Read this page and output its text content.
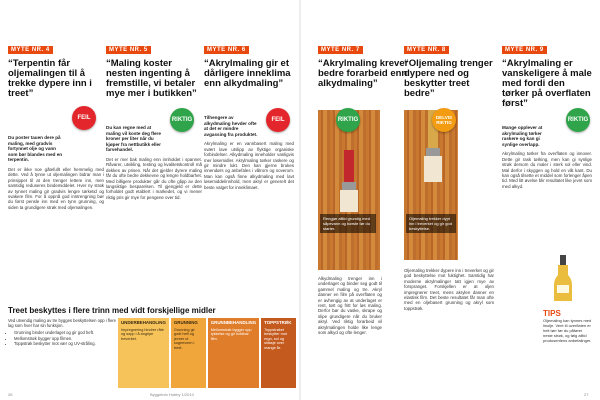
MYTE NR. 4
“Terpentin får oljemalingen til å trekke dypere inn i treet”
Du poster tauen dere på maling, med gradvis fortynnet olje og vann som bør blandes med en terpentin.
Det er ikke noe gåtefullt eller hemmelig med dette. Ved å tynne ut oljemalingen bidrar man i prinsippet til at den trenger lettere inn, men samtidig reduseres bindemiddelet. Hver ny strøk av tynnet maling gir gradvis lengre tørketid og svakere film. For å oppnå god inntrengning bør du først pensle inn med en tynn grunning, og siden ta grundigere strøk med oljemalingen.
FEIL
MYTE NR. 5
“Maling koster nesten ingenting å fremstille, vi betaler mye mer i butikken”
Du kan regne med at maling vil koste deg flere kroner per liter når du kjøper fra nettbutikk eller farvehandel.
Det er mer bak maling enn innholdet i spannet. Råvarer, utvikling, testing og kvalitetskontroll må dekkes av prisen. Når det gjelder dyrere maling får du ofte bedre dekkevne og lengre holdbarhet. Med billigere produkter går du ofte glipp av den langsiktige besparelsen. Til gjengjeld er dette forholdet godt etablert i markedet, og vi mener riktig pris gir mye for pengene over tid.
RIKTIG
MYTE NR. 6
“Akrylmaling gir et dårligere inneklima enn alkydmaling”
Tilhengere av alkydmaling hevder ofte at det er mindre avgassing fra produktet.
Akrylmaling er en vannbasert maling med svært lave utslipp av flyktige organiske forbindelser. Alkydmaling inneholder vanligvis mer løsemidler. Akrylmaling tørker raskere og gir mindre lukt. Den kan gjerne brukes innendørs og anbefales i våtrom og soverom. Man kan også finne alkydmaling med lavt løsemiddelinnhold, men akryl er generelt det beste valget for inneklimaet.
FEIL
Treet beskyttes i flere trinn med vidt forskjellige midler

Ved utvendig maling av tre bygges beskyttelsen opp i flere lag som hver har sin funksjon.

• Grunning binder underlaget og gir god heft.
• Mellomstrøk bygger opp filmen.
• Toppstrøk beskytter mot vær og UV-stråling.
UNDERBEHANDLING
Impregnering hindrer råte og sopp i å angripe treverket.
GRUNNING
Grunning gir godt heft og jevner ut sugeevnen i treet.
GRUNNBEHANDLING
Mellomstrøk bygger opp tykkelse og gir holdbar film.
TOPPSTRØK
Toppstrøket beskytter mot regn, sol og slitasje over mange år.
26	Byggeinfo Hobby 1/2010
Rengjør alltid grundig med såpevann og børste før du starter.
RIKTIG
MYTE NR. 7
“Akrylmaling krever bedre forarbeid enn alkydmaling”
Alkydmaling trenger inn i underlaget og binder seg godt til gammel maling og tre. Akryl danner en film på overflaten og er avhengig av at underlaget er rent, tørt og fritt for løs maling. Derfor bør du vaske, skrape og slipe grundigere når du bruker akryl. Ved riktig forarbeid vil akrylmalingen holde like lenge som alkyd og ofte lenger.
Oljemaling trekker dypt inn i treverket og gir god beskyttelse.
DELVIS RIKTIG
MYTE NR. 8
“Oljemaling trenger dypere ned og beskytter treet bedre”
Oljemaling trekker dypere inn i treverket og gir god beskyttelse mot fuktighet. Samtidig har moderne akrylmalinger tatt igjen mye av forspranget. Forskjellen er at oljen impregnerer treet, mens akrylen danner en elastisk film. Det beste resultatet får man ofte med en oljebasert grunning og akryl som toppstrøk.
MYTE NR. 9
“Akrylmaling er vanskeligere å male med fordi den tørker på overflaten først”
Mange opplever at akrylmaling tørker raskere og kan gi synlige overlapp.
Akrylmaling tørker fra overflaten og innover. Dette gir rask tørking, men kan gi synlige strøk dersom du maler i sterk sol eller vind. Mal derfor i skyggen og hold en våt kant. Du kan også tilsette et middel som forlenger åpen tid. Med litt øvelse blir resultatet like jevnt som med alkyd.
RIKTIG
TIPS
Oljemaling kan tynnes med linolje. Vent til overflaten er helt tørr før du påfører neste strøk, og følg alltid produsentens anbefalinger.
27
